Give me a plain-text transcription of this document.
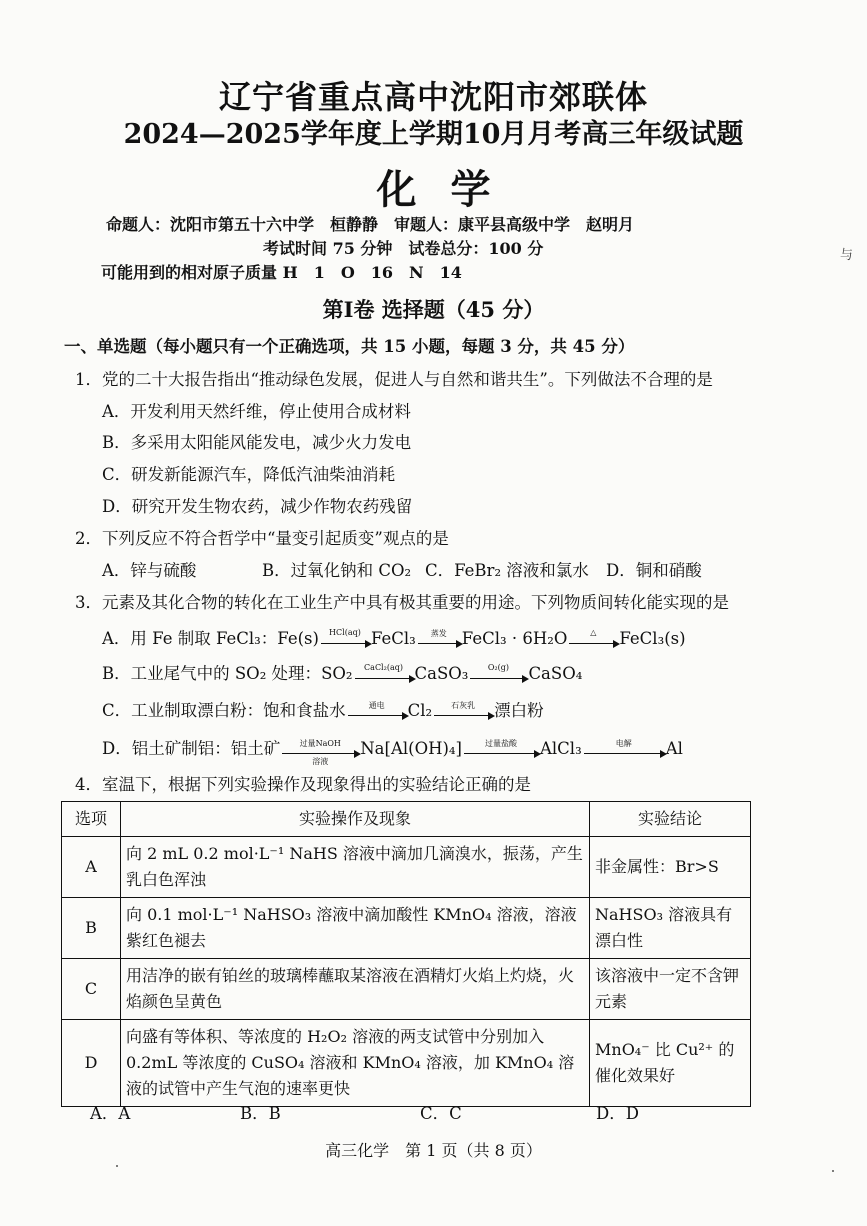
辽宁省重点高中沈阳市郊联体
2024—2025学年度上学期10月月考高三年级试题
化学
命题人：沈阳市第五十六中学　桓静静　审题人：康平县高级中学　赵明月
考试时间 75 分钟　试卷总分：100 分
可能用到的相对原子质量 H　1　O　16　N　14
与
第Ⅰ卷 选择题（45 分）
一、单选题（每小题只有一个正确选项，共 15 小题，每题 3 分，共 45 分）
1．党的二十大报告指出“推动绿色发展，促进人与自然和谐共生”。下列做法不合理的是
A．开发利用天然纤维，停止使用合成材料
B．多采用太阳能风能发电，减少火力发电
C．研发新能源汽车，降低汽油柴油消耗
D．研究开发生物农药，减少作物农药残留
2．下列反应不符合哲学中“量变引起质变”观点的是
A．锌与硫酸	B．过氧化钠和 CO₂ C．FeBr₂ 溶液和氯水 D．铜和硝酸
3．元素及其化合物的转化在工业生产中具有极其重要的用途。下列物质间转化能实现的是
A．用 Fe 制取 FeCl₃：Fe(s)	HCl(aq) FeCl₃	蒸发 FeCl₃ · 6H₂O	△	FeCl₃(s)
B．工业尾气中的 SO₂ 处理：SO₂	CaCl₂(aq) CaSO₃	O₂(g)	CaSO₄
C．工业制取漂白粉：饱和食盐水	通电	Cl₂	石灰乳	漂白粉
D．铝土矿制铝：铝土矿	过量NaOH
溶液
Na[Al(OH)₄]	过量盐酸	AlCl₃	电解	Al
4．室温下，根据下列实验操作及现象得出的实验结论正确的是
选项	实验操作及现象	实验结论
A	向 2 mL 0.2 mol·L⁻¹ NaHS 溶液中滴加几滴溴水，振荡，产生乳白色浑浊	非金属性：Br>S
B	向 0.1 mol·L⁻¹ NaHSO₃ 溶液中滴加酸性 KMnO₄ 溶液，溶液紫红色褪去	NaHSO₃ 溶液具有漂白性
C	用洁净的嵌有铂丝的玻璃棒蘸取某溶液在酒精灯火焰上灼烧，火焰颜色呈黄色	该溶液中一定不含钾元素
D	向盛有等体积、等浓度的 H₂O₂ 溶液的两支试管中分别加入 0.2mL 等浓度的 CuSO₄ 溶液和 KMnO₄ 溶液，加 KMnO₄ 溶液的试管中产生气泡的速率更快	MnO₄⁻ 比 Cu²⁺ 的催化效果好
A．A	B．B	C．C	D．D
高三化学　第 1 页（共 8 页）
